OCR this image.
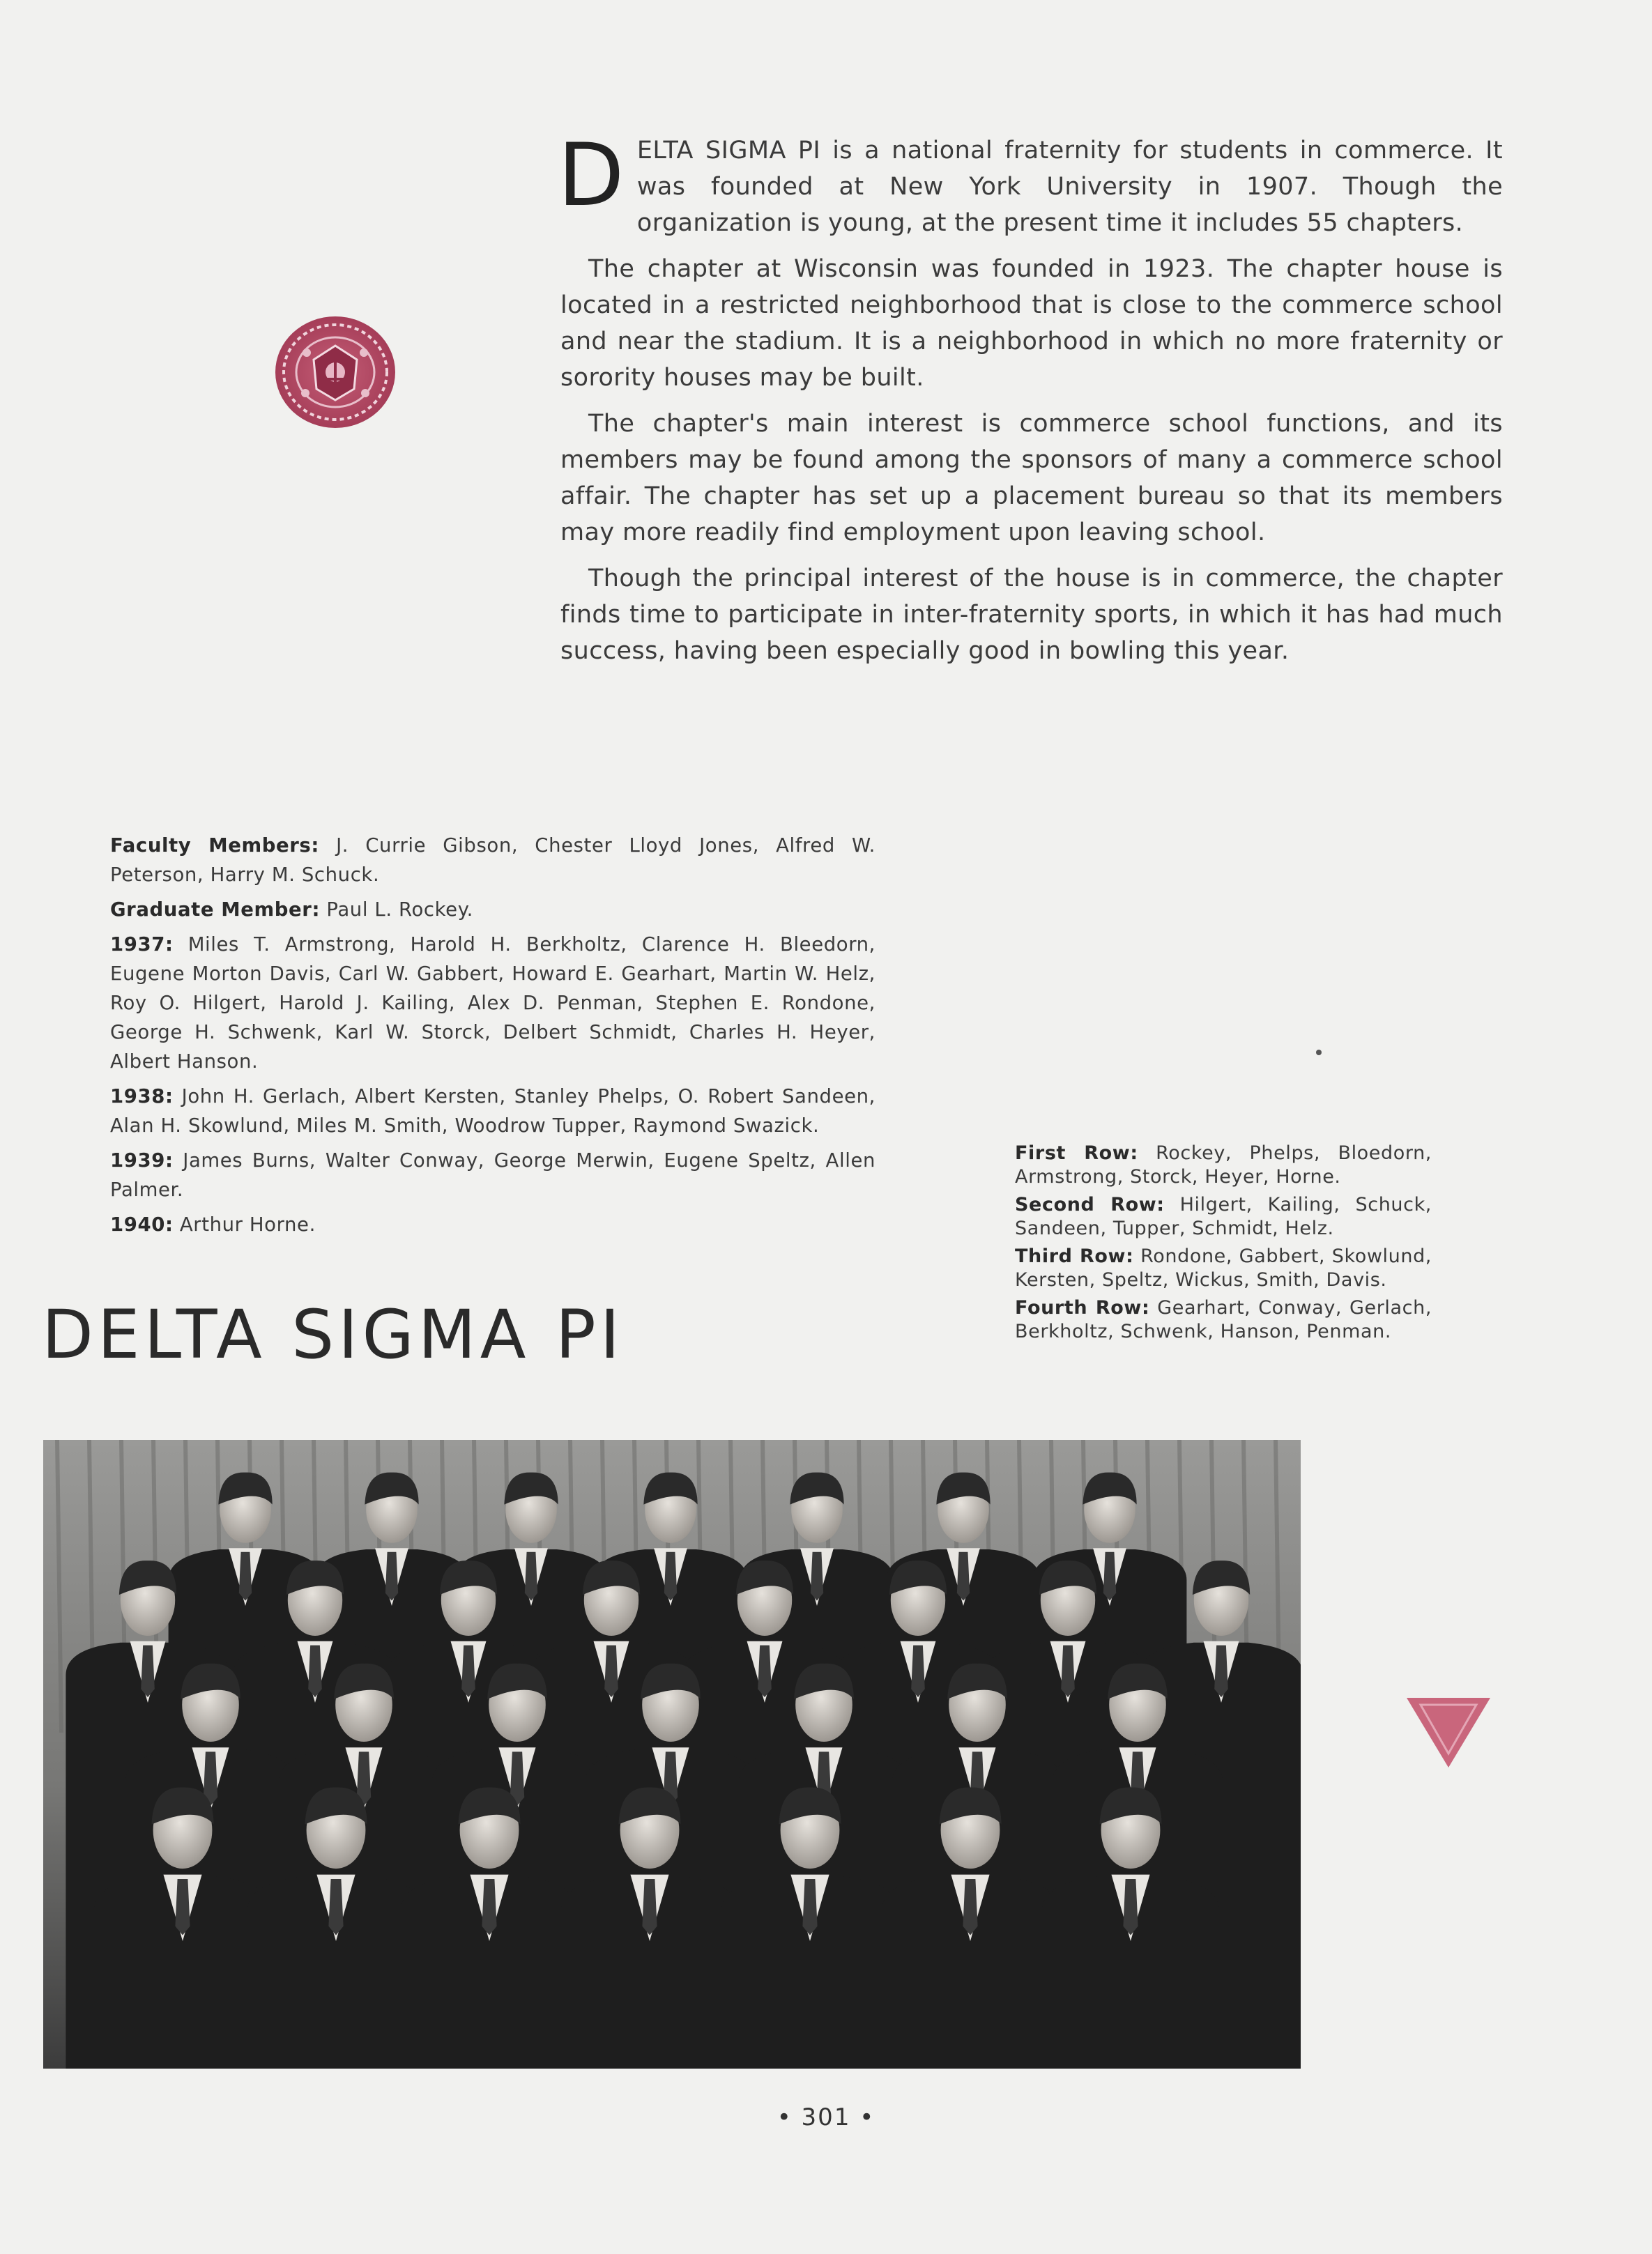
DELTA SIGMA PI is a national fraternity for students in commerce. It was founded at New York University in 1907. Though the organization is young, at the present time it includes 55 chapters.

The chapter at Wisconsin was founded in 1923. The chapter house is located in a restricted neighborhood that is close to the commerce school and near the stadium. It is a neighborhood in which no more fraternity or sorority houses may be built.

The chapter's main interest is commerce school functions, and its members may be found among the sponsors of many a commerce school affair. The chapter has set up a placement bureau so that its members may more readily find employment upon leaving school.

Though the principal interest of the house is in commerce, the chapter finds time to participate in inter-fraternity sports, in which it has had much success, having been especially good in bowling this year.

Faculty Members: J. Currie Gibson, Chester Lloyd Jones, Alfred W. Peterson, Harry M. Schuck.

Graduate Member: Paul L. Rockey.

1937: Miles T. Armstrong, Harold H. Berkholtz, Clarence H. Bleedorn, Eugene Morton Davis, Carl W. Gabbert, Howard E. Gearhart, Martin W. Helz, Roy O. Hilgert, Harold J. Kailing, Alex D. Penman, Stephen E. Rondone, George H. Schwenk, Karl W. Storck, Delbert Schmidt, Charles H. Heyer, Albert Hanson.

1938: John H. Gerlach, Albert Kersten, Stanley Phelps, O. Robert Sandeen, Alan H. Skowlund, Miles M. Smith, Woodrow Tupper, Raymond Swazick.

1939: James Burns, Walter Conway, George Merwin, Eugene Speltz, Allen Palmer.

1940: Arthur Horne.

DELTA SIGMA PI

First Row: Rockey, Phelps, Bloedorn, Armstrong, Storck, Heyer, Horne.

Second Row: Hilgert, Kailing, Schuck, Sandeen, Tupper, Schmidt, Helz.

Third Row: Rondone, Gabbert, Skowlund, Kersten, Speltz, Wickus, Smith, Davis.

Fourth Row: Gearhart, Conway, Gerlach, Berkholtz, Schwenk, Hanson, Penman.

• 301 •
